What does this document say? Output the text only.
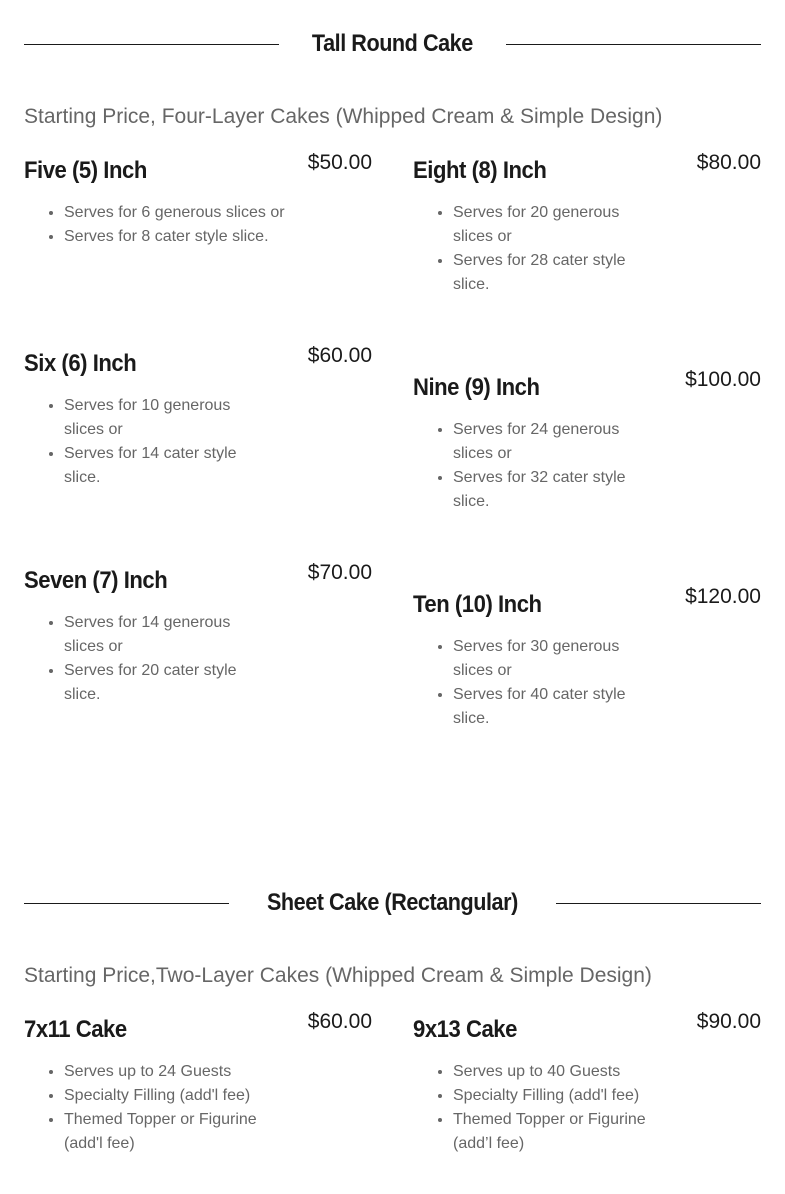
Tall Round Cake

Starting Price, Four-Layer Cakes (Whipped Cream & Simple Design)

Five (5) Inch	$50.00
• Serves for 6 generous slices or
• Serves for 8 cater style slice.
Eight (8) Inch	$80.00
• Serves for 20 generous slices or
• Serves for 28 cater style slice.
Six (6) Inch	$60.00
• Serves for 10 generous slices or
• Serves for 14 cater style slice.
Nine (9) Inch	$100.00
• Serves for 24 generous slices or
• Serves for 32 cater style slice.
Seven (7) Inch	$70.00
• Serves for 14 generous slices or
• Serves for 20 cater style slice.
Ten (10) Inch	$120.00
• Serves for 30 generous slices or
• Serves for 40 cater style slice.
Sheet Cake (Rectangular)

Starting Price,Two-Layer Cakes (Whipped Cream & Simple Design)

7x11 Cake	$60.00
• Serves up to 24 Guests
• Specialty Filling (add'l fee)
• Themed Topper or Figurine (add'l fee)
9x13 Cake	$90.00
• Serves up to 40 Guests
• Specialty Filling (add'l fee)
• Themed Topper or Figurine (add’l fee)
